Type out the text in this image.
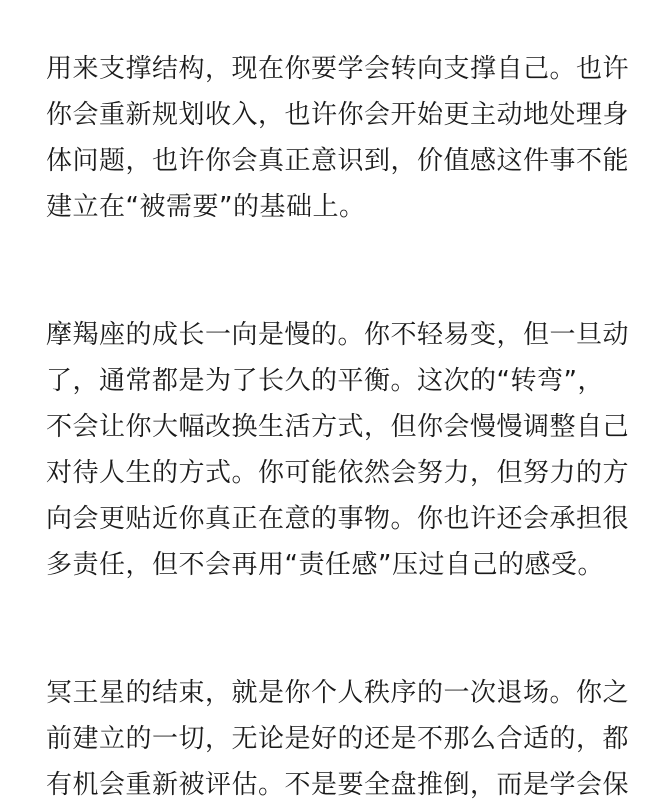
用来支撑结构，现在你要学会转向支撑自己。也许
你会重新规划收入，也许你会开始更主动地处理身
体问题，也许你会真正意识到，价值感这件事不能
建立在“被需要”的基础上。
摩羯座的成长一向是慢的。你不轻易变，但一旦动
了，通常都是为了长久的平衡。这次的“转弯”，
不会让你大幅改换生活方式，但你会慢慢调整自己
对待人生的方式。你可能依然会努力，但努力的方
向会更贴近你真正在意的事物。你也许还会承担很
多责任，但不会再用“责任感”压过自己的感受。
冥王星的结束，就是你个人秩序的一次退场。你之
前建立的一切，无论是好的还是不那么合适的，都
有机会重新被评估。不是要全盘推倒，而是学会保
